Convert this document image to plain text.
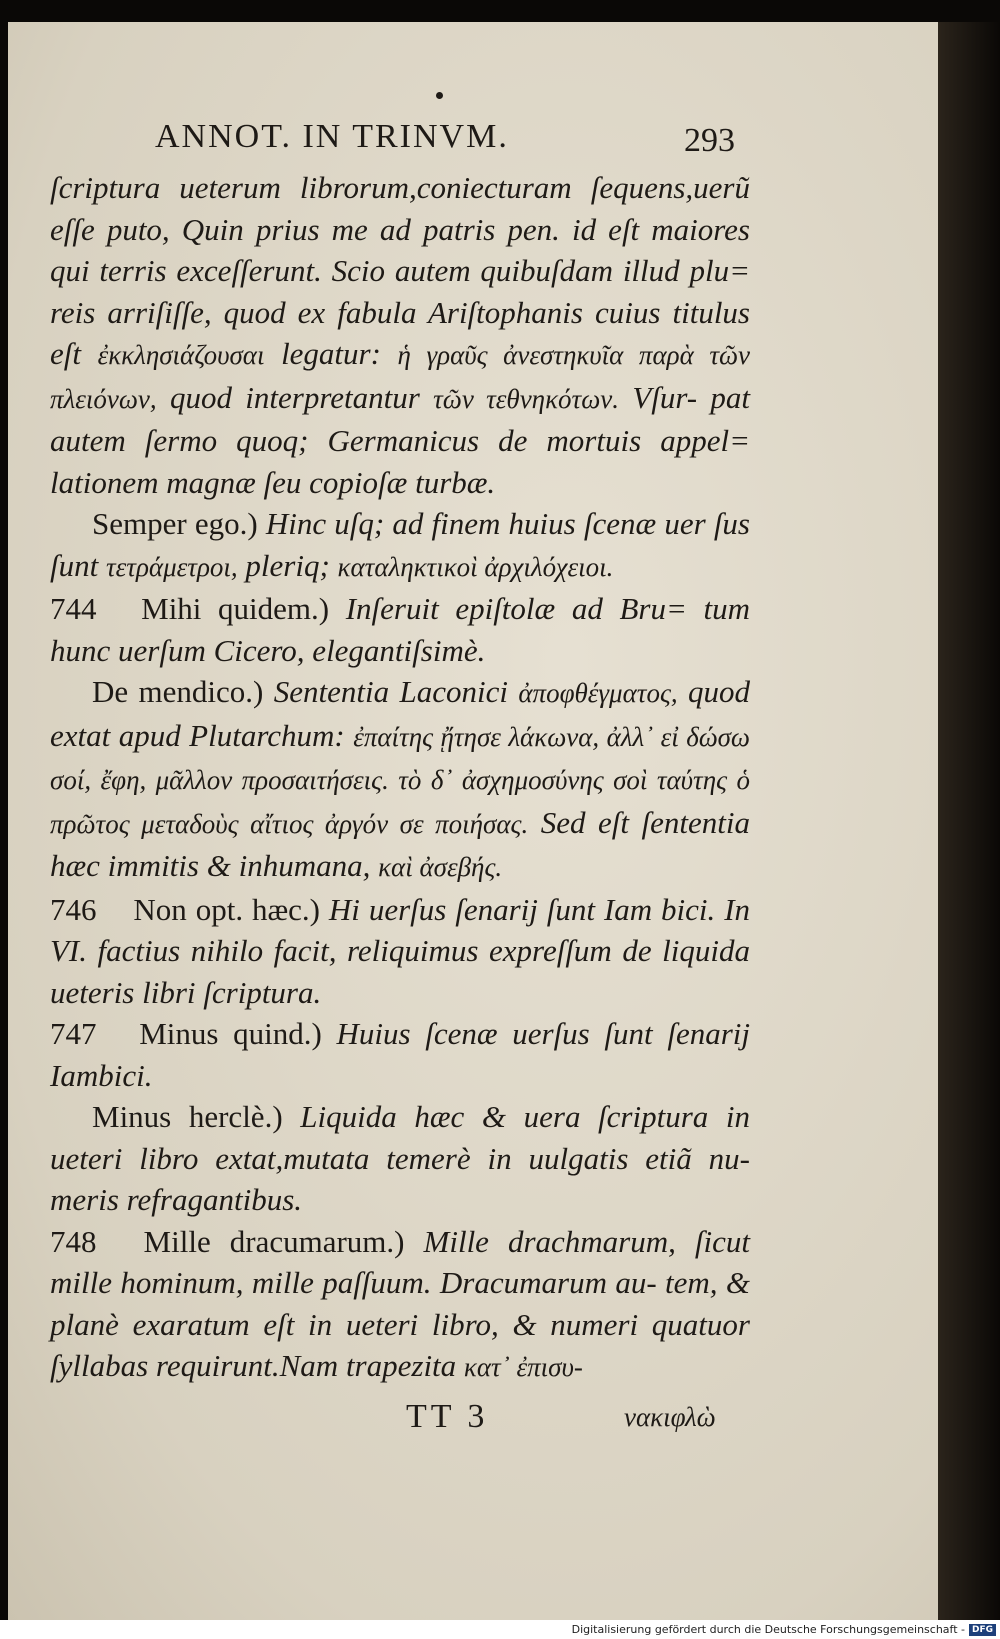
ANNOT. IN TRINVM.	293

ſcriptura ueterum librorum,coniecturam ſequens,uerũ eſſe puto, Quin prius me ad patris pen. id eſt maiores qui terris exceſſerunt. Scio autem quibuſdam illud plu= reis arriſiſſe, quod ex fabula Ariſtophanis cuius titulus eſt ἐκκλησιάζουσαι legatur: ἡ γραῦς ἀνεστηκυῖα παρὰ τῶν πλειόνων, quod interpretantur τῶν τεθνηκότων. Vſur- pat autem ſermo quoq; Germanicus de mortuis appel= lationem magnæ ſeu copioſæ turbæ.

Semper ego.) Hinc uſq; ad finem huius ſcenæ uer ſus ſunt τετράμετροι, pleriq; καταληκτικοὶ ἀρχιλόχειοι.

744 Mihi quidem.) Inſeruit epiſtolæ ad Bru= tum hunc uerſum Cicero, elegantiſsimè.

De mendico.) Sententia Laconici ἀποφθέγματος, quod extat apud Plutarchum: ἐπαίτης ᾔτησε λάκωνα, ἀλλ᾽ εἰ δώσω σοί, ἔφη, μᾶλλον προσαιτήσεις. τὸ δ᾽ ἀσχημοσύνης σοὶ ταύτης ὁ πρῶτος μεταδοὺς αἴτιος ἀργόν σε ποιήσας. Sed eſt ſententia hæc immitis & inhumana, καὶ ἀσεβής.

746 Non opt. hæc.) Hi uerſus ſenarij ſunt Iam bici. In VI. factius nihilo facit, reliquimus expreſſum de liquida ueteris libri ſcriptura.

747 Minus quind.) Huius ſcenæ uerſus ſunt ſenarij Iambici.

Minus herclè.) Liquida hæc & uera ſcriptura in ueteri libro extat,mutata temerè in uulgatis etiã nu- meris refragantibus.

748 Mille dracumarum.) Mille drachmarum, ſicut mille hominum, mille paſſuum. Dracumarum au- tem, & planè exaratum eſt in ueteri libro, & numeri quatuor ſyllabas requirunt.Nam trapezita κατ᾽ ἐπισυ-

TT 3	νακιφλὼ
Digitalisierung gefördert durch die Deutsche Forschungsgemeinschaft - DFG
